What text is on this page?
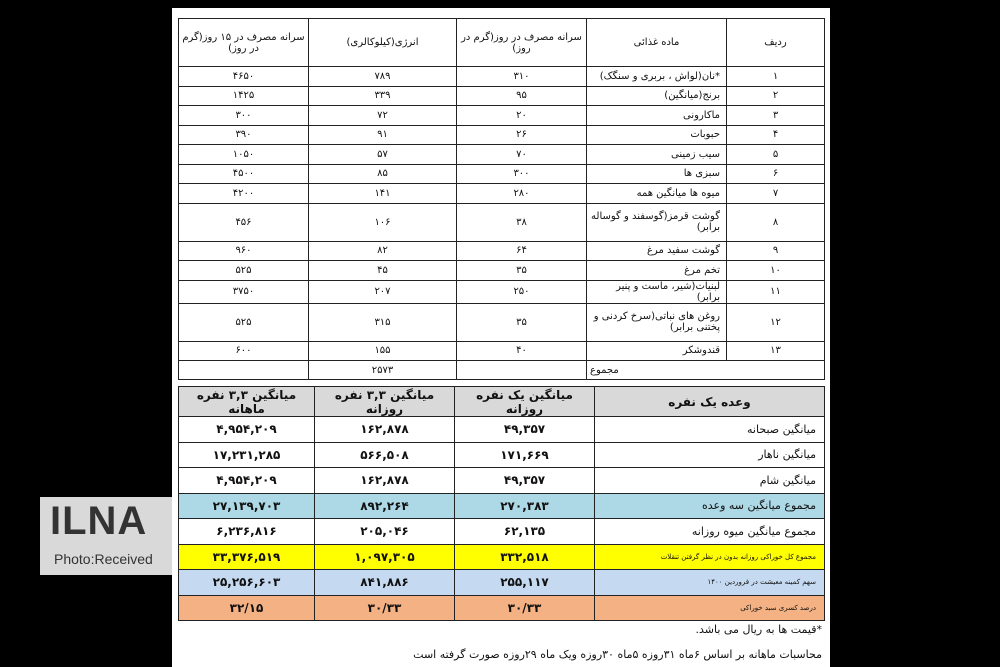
ردیف	ماده غذائی	سرانه مصرف در روز(گرم در روز)	انرژی(کیلوکالری)	سرانه مصرف در ۱۵ روز(گرم در روز)
۱	*نان(لواش ، بربری و سنگک)	۳۱۰	۷۸۹	۴۶۵۰
۲	برنج(میانگین)	۹۵	۳۳۹	۱۴۲۵
۳	ماکارونی	۲۰	۷۲	۳۰۰
۴	حبوبات	۲۶	۹۱	۳۹۰
۵	سیب زمینی	۷۰	۵۷	۱۰۵۰
۶	سبزی ها	۳۰۰	۸۵	۴۵۰۰
۷	میوه ها میانگین همه	۲۸۰	۱۴۱	۴۲۰۰
۸	گوشت قرمز(گوسفند و گوساله برابر)	۳۸	۱۰۶	۴۵۶
۹	گوشت سفید مرغ	۶۴	۸۲	۹۶۰
۱۰	تخم مرغ	۳۵	۴۵	۵۲۵
۱۱	لبنیات(شیر، ماست و پنیر برابر)	۲۵۰	۲۰۷	۳۷۵۰
۱۲	روغن های نباتی(سرخ کردنی و پختنی برابر)	۳۵	۳۱۵	۵۲۵
۱۳	قندوشکر	۴۰	۱۵۵	۶۰۰
مجموع			۲۵۷۳	
وعده یک نفره	میانگین یک نفره روزانه	میانگین ۳,۳ نفره روزانه	میانگین ۳,۳ نفره ماهانه
میانگین صبحانه	۴۹,۳۵۷	۱۶۲,۸۷۸	۴,۹۵۴,۲۰۹
میانگین ناهار	۱۷۱,۶۶۹	۵۶۶,۵۰۸	۱۷,۲۳۱,۲۸۵
میانگین شام	۴۹,۳۵۷	۱۶۲,۸۷۸	۴,۹۵۴,۲۰۹
مجموع میانگین سه وعده	۲۷۰,۳۸۳	۸۹۲,۲۶۴	۲۷,۱۳۹,۷۰۳
مجموع میانگین میوه روزانه	۶۲,۱۳۵	۲۰۵,۰۴۶	۶,۲۳۶,۸۱۶
مجموع کل خوراکی روزانه بدون در نظر گرفتن تنقلات	۳۳۲,۵۱۸	۱,۰۹۷,۳۰۵	۳۳,۳۷۶,۵۱۹
سهم کمینه معیشت در فروردین ۱۴۰۰	۲۵۵,۱۱۷	۸۴۱,۸۸۶	۲۵,۲۵۶,۶۰۳
درصد کسری سبد خوراکی	۳۰/۳۳	۳۰/۳۳	۳۲/۱۵
*قیمت ها به ریال می باشد.
محاسبات ماهانه بر اساس ۶ماه ۳۱روزه ۵ماه ۳۰روزه ویک ماه ۲۹روزه صورت گرفته است
ILNA
Photo:Received
